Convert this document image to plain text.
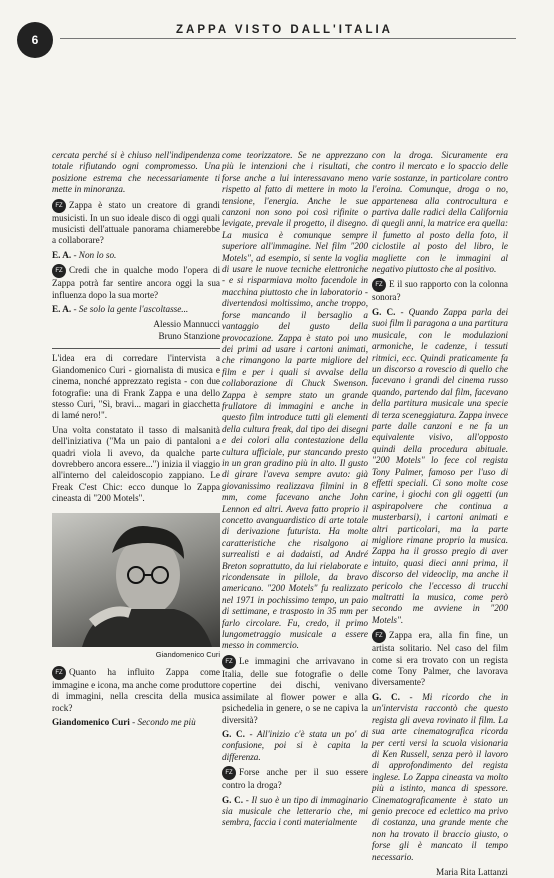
6
ZAPPA VISTO DALL'ITALIA

cercata perché si è chiuso nell'indipendenza totale rifiutando ogni compromesso. Una posizione estrema che necessariamente ti mette in minoranza.

FZ Zappa è stato un creatore di grandi musicisti. In un suo ideale disco di oggi quali musicisti dell'attuale panorama chiamerebbe a collaborare?

E. A. - Non lo so.

FZ Credi che in qualche modo l'opera di Zappa potrà far sentire ancora oggi la sua influenza dopo la sua morte?

E. A. - Se solo la gente l'ascoltasse...

Alessio Mannucci
Bruno Stanzione

L'idea era di corredare l'intervista a Giandomenico Curi - giornalista di musica e cinema, nonché apprezzato regista - con due fotografie: una di Frank Zappa e una dello stesso Curi, "Sì, bravi... magari in giacchetta di lamé nero!".

Una volta constatato il tasso di malsanità dell'iniziativa ("Ma un paio di pantaloni a quadri viola li avevo, da qualche parte dovrebbero ancora essere...") inizia il viaggio all'interno del caleidoscopio zappiano. Le Freak C'est Chic: ecco dunque lo Zappa cineasta di "200 Motels".

Giandomenico Curi

FZ Quanto ha influito Zappa come immagine e icona, ma anche come produttore di immagini, nella crescita della musica rock?

Giandomenico Curi - Secondo me più

come teorizzatore. Se ne apprezzano più le intenzioni che i risultati, che forse anche a lui interessavano meno rispetto al fatto di mettere in moto la tensione, l'energia. Anche le sue canzoni non sono poi così rifinite o levigate, prevale il progetto, il disegno. La musica è comunque sempre superiore all'immagine. Nel film "200 Motels", ad esempio, si sente la voglia di usare le nuove tecniche elettroniche - e si risparmiava molto facendole in macchina piuttosto che in laboratorio - divertendosi moltissimo, anche troppo, forse mancando il bersaglio a vantaggio del gusto della provocazione. Zappa è stato poi uno dei primi ad usare i cartoni animati, che rimangono la parte migliore del film e per i quali si avvalse della collaborazione di Chuck Swenson. Zappa è sempre stato un grande frullatore di immagini e anche in questo film introduce tutti gli elementi della cultura freak, dal tipo dei disegni e dei colori alla contestazione della cultura ufficiale, pur stancando presto in un gran gradino più in alto. Il gusto di girare l'aveva sempre avuto: già giovanissimo realizzava filmini in 8 mm, come facevano anche John Lennon ed altri. Aveva fatto proprio il concetto avanguardistico di arte totale di derivazione futurista. Ha molte caratteristiche che risalgono ai surrealisti e ai dadaisti, ad André Breton soprattutto, da lui rielaborate e ricondensate in pillole, da bravo americano. "200 Motels" fu realizzato nel 1971 in pochissimo tempo, un paio di settimane, e trasposto in 35 mm per farlo circolare. Fu, credo, il primo lungometraggio musicale a essere messo in commercio.

FZ Le immagini che arrivavano in Italia, delle sue fotografie o delle copertine dei dischi, venivano assimilate al flower power e alla psichedelia in genere, o se ne capiva la diversità?

G. C. - All'inizio c'è stata un po' di confusione, poi si è capita la differenza.

FZ Forse anche per il suo essere contro la droga?

G. C. - Il suo è un tipo di immaginario sia musicale che letterario che, mi sembra, faccia i conti materialmente

con la droga. Sicuramente era contro il mercato e lo spaccio delle varie sostanze, in particolare contro l'eroina. Comunque, droga o no, appartenева alla controcultura e partiva dalle radici della California di quegli anni, la matrice era quella: il fumetto al posto della foto, il ciclostile al posto del libro, le magliette con le immagini al negativo piuttosto che al positivo.

FZ E il suo rapporto con la colonna sonora?

G. C. - Quando Zappa parla dei suoi film li paragona a una partitura musicale, con le modulazioni armoniche, le cadenze, i tessuti ritmici, ecc. Quindi praticamente fa un discorso a rovescio di quello che facevano i grandi del cinema russo quando, partendo dal film, facevano della partitura musicale una specie di terza sceneggiatura. Zappa invece parte dalle canzoni e ne fa un equivalente visivo, all'opposto quindi della procedura abituale. "200 Motels" lo fece col regista Tony Palmer, famoso per l'uso di effetti speciali. Ci sono molte cose carine, i giochi con gli oggetti (un aspirapolvere che continua a musterbarsi), i cartoni animati e altri particolari, ma la parte migliore rimane proprio la musica. Zappa ha il grosso pregio di aver intuito, quasi dieci anni prima, il discorso del videoclip, ma anche il pericolo che l'eccesso di trucchi maltratti la musica, come però secondo me avviene in "200 Motels".

FZ Zappa era, alla fin fine, un artista solitario. Nel caso del film come si era trovato con un regista come Tony Palmer, che lavorava diversamente?

G. C. - Mi ricordo che in un'intervista raccontò che questo regista gli aveva rovinato il film. La sua arte cinematografica ricorda per certi versi la scuola visionaria di Ken Russell, senza però il lavoro di approfondimento del regista inglese. Lo Zappa cineasta va molto più a istinto, manca di spessore. Cinematograficamente è stato un genio precoce ed eclettico ma privo di costanza, una grande mente che non ha trovato il braccio giusto, o forse gli è mancato il tempo necessario.

Maria Rita Lattanzi
